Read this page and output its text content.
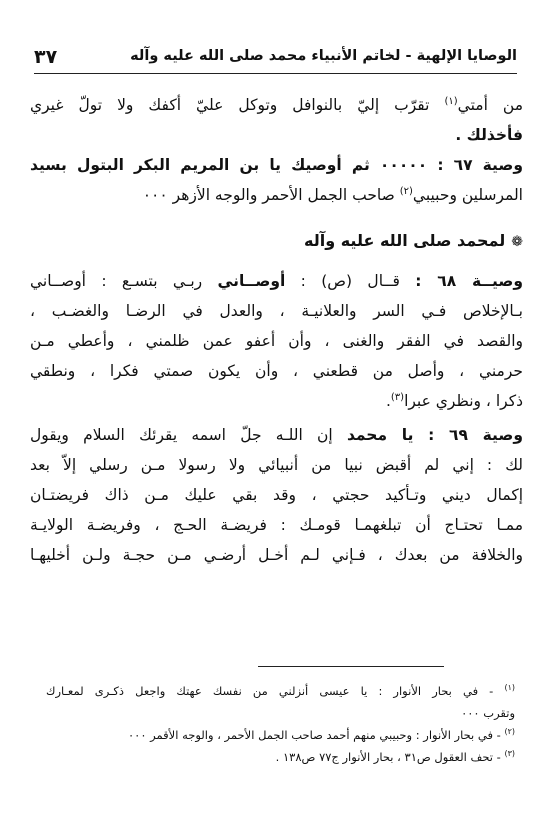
الوصايا الإلهية - لخاتم الأنبياء محمد صلى الله عليه وآله
٣٧
من أمتي$^{(١)}$ تقرّب إليّ بالنوافل وتوكل عليّ أكفك ولا تولّ غيري
فأخذلك .
وصية ٦٧ : ٠٠٠٠٠ ثم أوصيك يا بن المريم البكر البتول بسيد
المرسلين وحبيبي$^{(٢)}$ صاحب الجمل الأحمر والوجه الأزهر ٠٠٠
❁لمحمد صلى الله عليه وآله
وصيــة ٦٨ : قــال (ص) : أوصــاني ربـي بتسـع : أوصــاني
بـالإخلاص فـي السر والعلانيـة ، والعدل في الرضـا والغضـب ،
والقصد في الفقر والغنى ، وأن أعفو عمن ظلمني ، وأعطي مـن
حرمني ، وأصل من قطعني ، وأن يكون صمتي فكرا ، ونطقي
ذكرا ، ونظري عبرا$^{(٣)}$.
وصية ٦٩ : يا محمد إن اللـه جلّ اسمه يقرئك السلام ويقول
لك : إني لم أقبض نبيا من أنبيائي ولا رسولا مـن رسلي إلاّ بعد
إكمال ديني وتـأكيد حجتي ، وقد بقي عليك مـن ذاك فريضتـان
ممـا تحتـاج أن تبلغهمـا قومـك : فريضـة الحـج ، وفريضـة الولايـة
والخلافة من بعدك ، فـإني لـم أخـل أرضـي مـن حجـة ولـن أخليهـا
$^{(١)}$ - في بحار الأنوار : يا عيسى أنزلني من نفسك عهتك واجعل ذكـرى لمعـارك
وتقرب ٠٠٠
$^{(٢)}$ - في بحار الأنوار : وحبيبي منهم أحمد صاحب الجمل الأحمر ، والوجه الأقمر ٠٠٠
$^{(٣)}$ - تحف العقول ص٣١ ، بحار الأنوار ج٧٧ ص١٣٨ .
